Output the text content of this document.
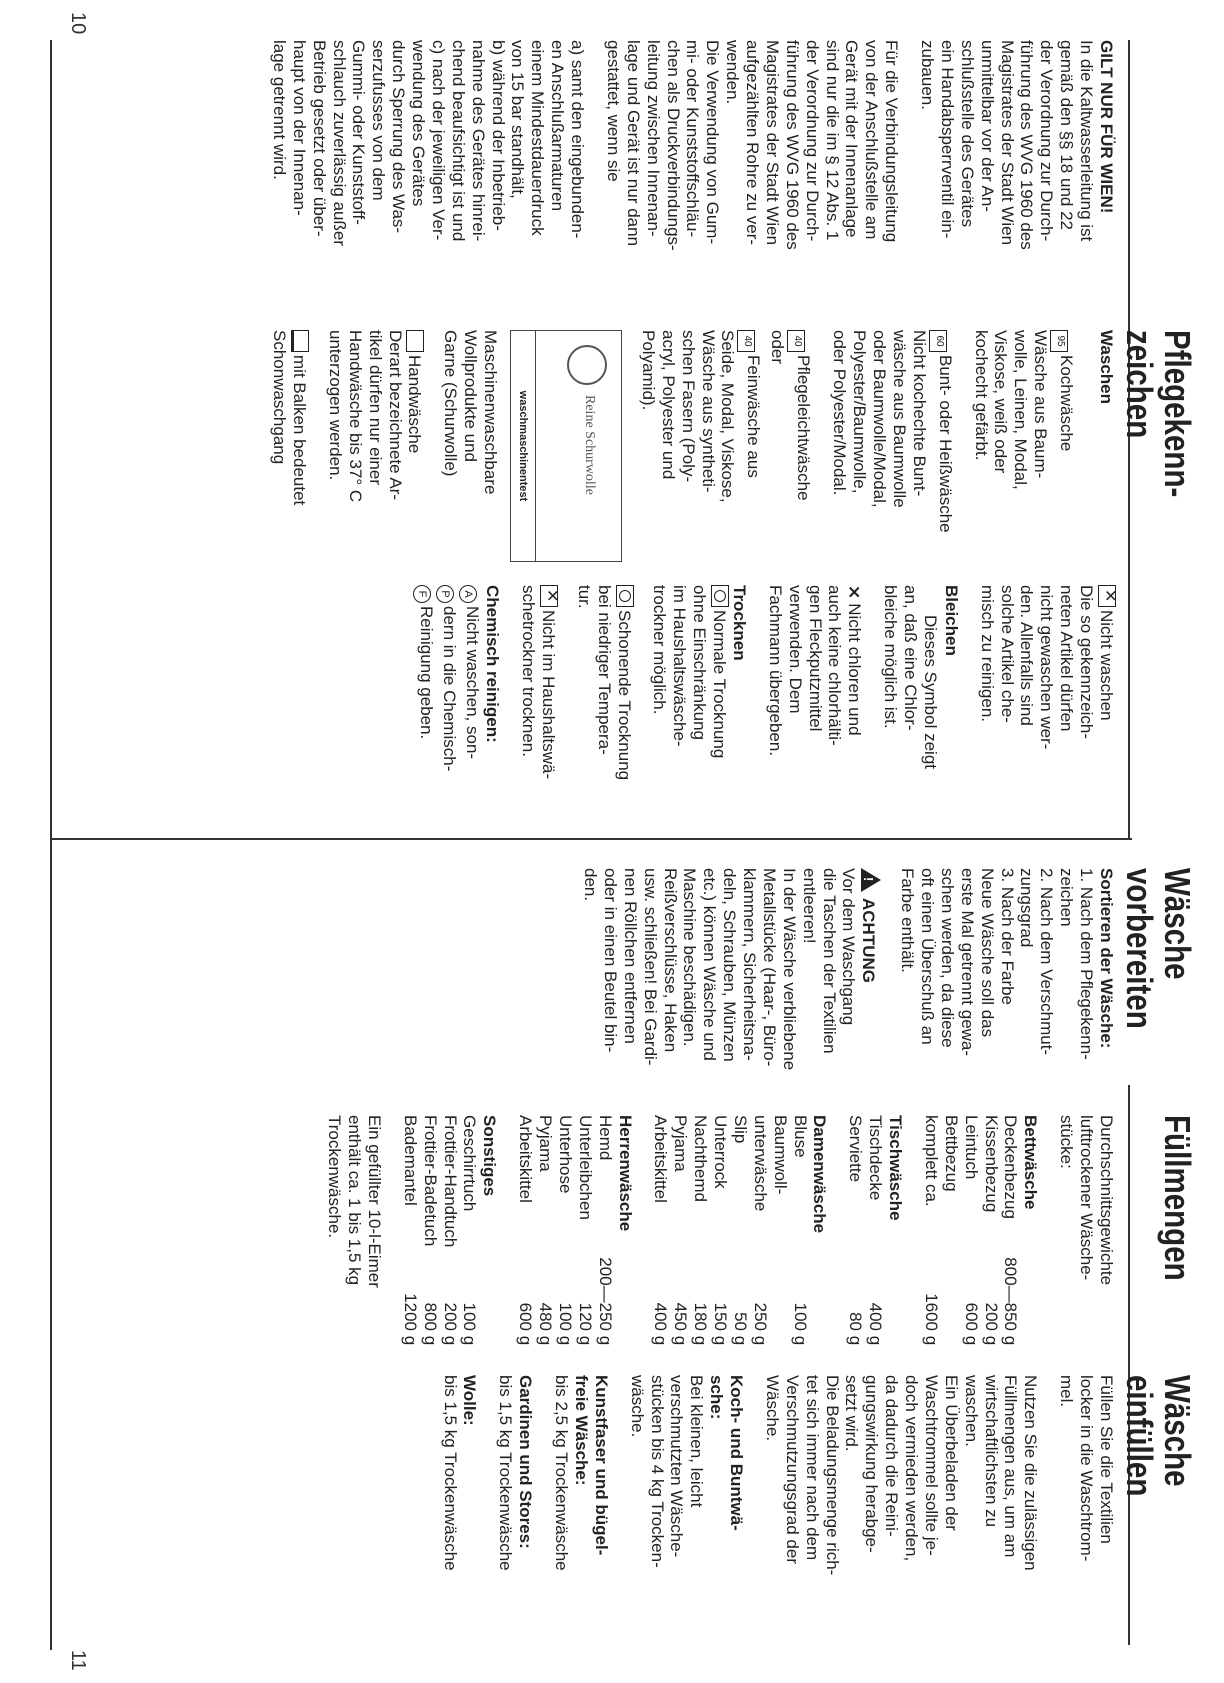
10
11
Pflegekenn-
zeichen
Wäsche
vorbereiten
Füllmengen
Wäsche
einfüllen

GILT NUR FÜR WIEN!
In die Kaltwasserleitung ist
gemäß den §§ 18 und 22
der Verordnung zur Durch-
führung des WVG 1960 des
Magistrates der Stadt Wien
unmittelbar vor der An-
schlußstelle des Gerätes
ein Handabsperrventil ein-
zubauen.

Für die Verbindungsleitung
von der Anschlußstelle am
Gerät mit der Innenanlage
sind nur die im § 12 Abs. 1
der Verordnung zur Durch-
führung des WVG 1960 des
Magistrates der Stadt Wien
aufgezählten Rohre zu ver-
wenden.
Die Verwendung von Gum-
mi- oder Kunststoffschläu-
chen als Druckverbindungs-
leitung zwischen Innenan-
lage und Gerät ist nur dann
gestattet, wenn sie

a) samt den eingebunden-
en Anschlußarmaturen
einem Mindestdauerdruck
von 15 bar standhält,
b) während der Inbetrieb-
nahme des Gerätes hinrei-
chend beaufsichtigt ist und
c) nach der jeweiligen Ver-
wendung des Gerätes
durch Sperrung des Was-
serzufusses von dem
Gummi- oder Kunststoff-
schlauch zuverlässig außer
Betrieb gesetzt oder über-
haupt von der Innenan-
lage getrennt wird.

Waschen

95Kochwäsche
Wäsche aus Baum-
wolle, Leinen, Modal,
Viskose, weiß oder
kochecht gefärbt.

60Bunt- oder Heißwäsche
Nicht kochechte Bunt-
wäsche aus Baumwolle
oder Baumwolle/Modal,
Polyester/Baumwolle,
oder Polyester/Modal.

40Pflegeleichtwäsche
oder

40Feinwäsche aus
Seide, Modal, Viskose,
Wäsche aus syntheti-
schen Fasern (Poly-
acryl, Polyester und
Polyamid).

Reine Schurwolle
waschmaschinentest

Maschinenwaschbare
Wollprodukte und
Garne (Schurwolle)

Handwäsche
Derart bezeichnete Ar-
tikel dürfen nur einer
Handwäsche bis 37° C
unterzogen werden.

mit Balken bedeutet
Schonwaschgang

✕Nicht waschen
Die so gekennzeich-
neten Artikel dürfen
nicht gewaschen wer-
den. Allenfalls sind
solche Artikel che-
misch zu reinigen.

Bleichen
!Dieses Symbol zeigt
an, daß eine Chlor-
bleiche möglich ist.

⨯Nicht chloren und
auch keine chlorhälti-
gen Fleckputzmittel
verwenden. Dem
Fachmann übergeben.

Trocknen
Normale Trocknung
ohne Einschränkung
im Haushaltswäsche-
trockner möglich.

Schonende Trocknung
bei niedriger Tempera-
tur.

✕Nicht im Haushaltswä-
schetrockner trocknen.

Chemisch reinigen:

ANicht waschen, son-
Pdern in die Chemisch-
FReinigung geben.

Sortieren der Wäsche:
1. Nach dem Pflegekenn-
zeichen
2. Nach dem Verschmut-
zungsgrad
3. Nach der Farbe

Neue Wäsche soll das
erste Mal getrennt gewa-
schen werden, da diese
oft einen Überschuß an
Farbe enthält.

!ACHTUNG
Vor dem Waschgang
die Taschen der Textilien
entleeren!
In der Wäsche verbliebene
Metallstücke (Haar-, Büro-
klammern, Sicherheitsna-
deln, Schrauben, Münzen
etc.) können Wäsche und
Maschine beschädigen.
Reißverschlüsse, Haken
usw. schließen! Bei Gardi-
nen Röllchen entfernen
oder in einen Beutel bin-
den.

Durchschnittsgewichte
lufttrockener Wäsche-
stücke:

Bettwäsche	
Deckenbezug	800—850 g
Kissenbezug	200 g
Leintuch	600 g
Bettbezug
komplett ca.	1600 g
Tischwäsche	
Tischdecke	400 g
Serviette	80 g
Damenwäsche	
Bluse	100 g
Baumwoll-
unterwäsche	250 g
Slip	50 g
Unterrock	150 g
Nachthemd	180 g
Pyjama	450 g
Arbeitskittel	400 g
Herrenwäsche	
Hemd	200—250 g
Unterleibchen	120 g
Unterhose	100 g
Pyjama	480 g
Arbeitskittel	600 g
Sonstiges	
Geschirrtuch	100 g
Frottier-Handtuch	200 g
Frottier-Badetuch	800 g
Bademantel	1200 g

Ein gefüllter 10-l-Eimer
enthält ca. 1 bis 1,5 kg
Trockenwäsche.

Füllen Sie die Textilien
locker in die Waschtrom-
mel.

Nutzen Sie die zulässigen
Füllmengen aus, um am
wirtschaftlichsten zu
waschen.
Ein Überbeladen der
Waschtrommel sollte je-
doch vermieden werden,
da dadurch die Reini-
gungswirkung herabge-
setzt wird.
Die Beladungsmenge rich-
tet sich immer nach dem
Verschmutzungsgrad der
Wäsche.

Koch- und Buntwä-
sche:
Bei kleinen, leicht
verschmutzten Wäsche-
stücken bis 4 kg Trocken-
wäsche.

Kunstfaser und bügel-
freie Wäsche:
bis 2,5 kg Trockenwäsche

Gardinen und Stores:
bis 1,5 kg Trockenwäsche

Wolle:
bis 1,5 kg Trockenwäsche
